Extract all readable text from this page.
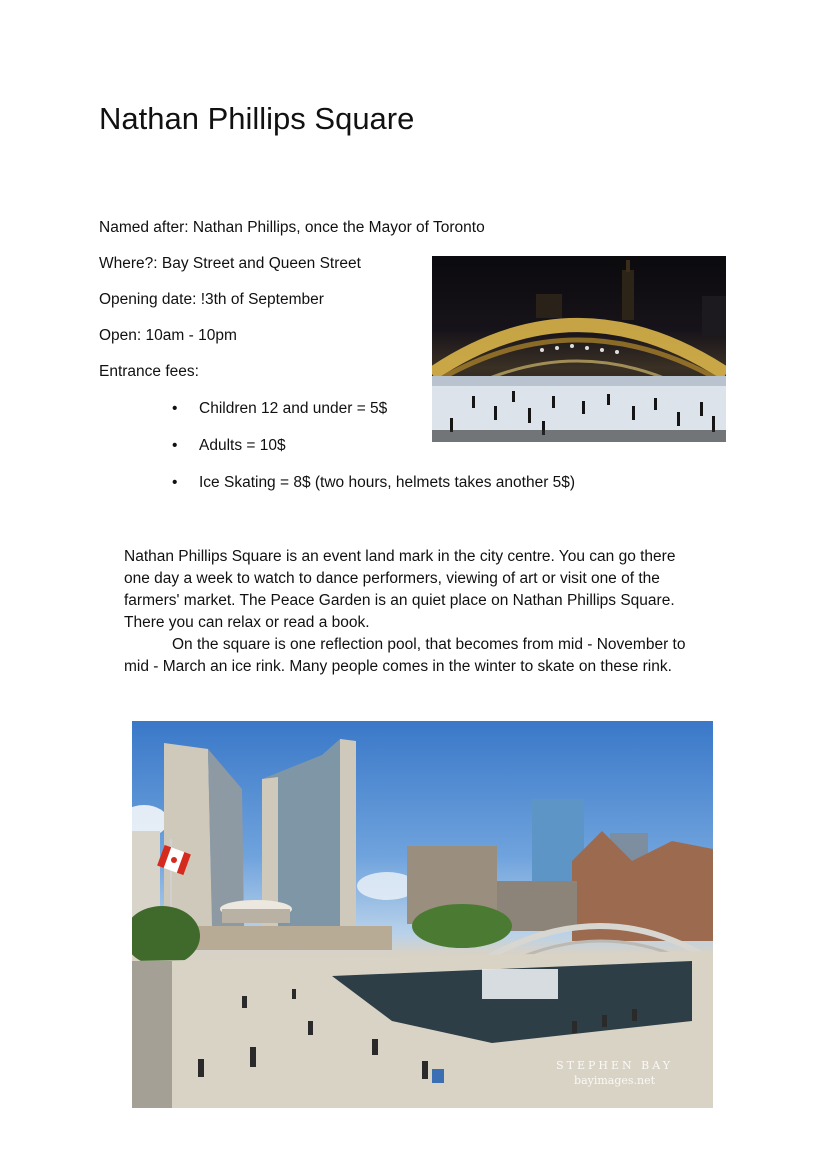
Nathan Phillips Square

Named after: Nathan Phillips, once the Mayor of Toronto

Where?: Bay Street and Queen Street

Opening date: !3th of September

Open: 10am - 10pm

Entrance fees:

• Children 12 and under = 5$
• Adults = 10$
• Ice Skating = 8$ (two hours, helmets takes another 5$)

Nathan Phillips Square is an event land mark in the city centre. You can go there

one day a week to watch to dance performers, viewing of art or visit one of the

farmers' market. The Peace Garden is an quiet place on Nathan Phillips Square.

There you can relax or read a book.

On the square is one reflection pool, that becomes from mid - November to

mid - March an ice rink. Many people comes in the winter to skate on these rink.

STEPHEN BAY
bayimages.net
